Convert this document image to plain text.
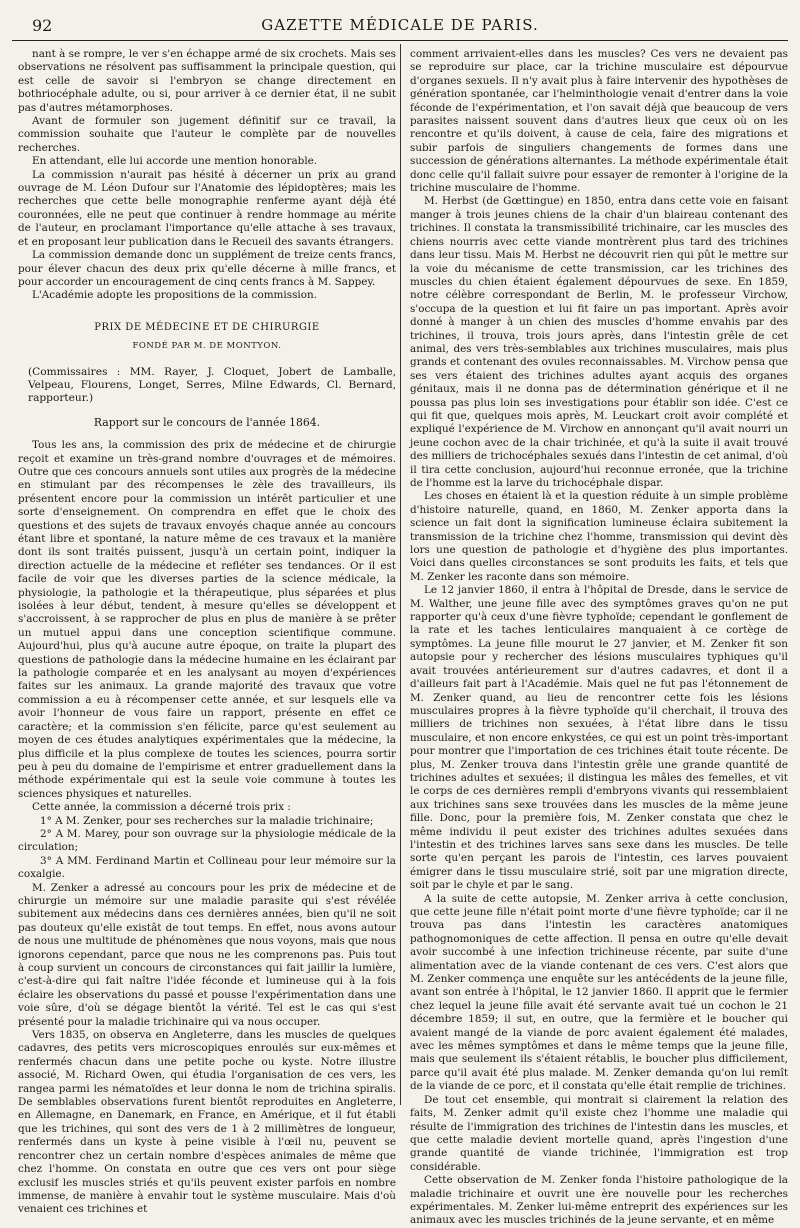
92	GAZETTE MÉDICALE DE PARIS.

nant à se rompre, le ver s'en échappe armé de six crochets. Mais ses observations ne résolvent pas suffisamment la principale question, qui est celle de savoir si l'embryon se change directement en bothriocéphale adulte, ou si, pour arriver à ce dernier état, il ne subit pas d'autres métamorphoses.

Avant de formuler son jugement définitif sur ce travail, la commission souhaite que l'auteur le complète par de nouvelles recherches.

En attendant, elle lui accorde une mention honorable.

La commission n'aurait pas hésité à décerner un prix au grand ouvrage de M. Léon Dufour sur l'Anatomie des lépidoptères; mais les recherches que cette belle monographie renferme ayant déjà été couronnées, elle ne peut que continuer à rendre hommage au mérite de l'auteur, en proclamant l'importance qu'elle attache à ses travaux, et en proposant leur publication dans le Recueil des savants étrangers.

La commission demande donc un supplément de treize cents francs, pour élever chacun des deux prix qu'elle décerne à mille francs, et pour accorder un encouragement de cinq cents francs à M. Sappey.

L'Académie adopte les propositions de la commission.

PRIX DE MÉDECINE ET DE CHIRURGIE
FONDÉ PAR M. DE MONTYON.

(Commissaires : MM. Rayer, J. Cloquet, Jobert de Lamballe, Velpeau, Flourens, Longet, Serres, Milne Edwards, Cl. Bernard, rapporteur.)

Rapport sur le concours de l'année 1864.

Tous les ans, la commission des prix de médecine et de chirurgie reçoit et examine un très-grand nombre d'ouvrages et de mémoires. Outre que ces concours annuels sont utiles aux progrès de la médecine en stimulant par des récompenses le zèle des travailleurs, ils présentent encore pour la commission un intérêt particulier et une sorte d'enseignement. On comprendra en effet que le choix des questions et des sujets de travaux envoyés chaque année au concours étant libre et spontané, la nature même de ces travaux et la manière dont ils sont traités puissent, jusqu'à un certain point, indiquer la direction actuelle de la médecine et refléter ses tendances. Or il est facile de voir que les diverses parties de la science médicale, la physiologie, la pathologie et la thérapeutique, plus séparées et plus isolées à leur début, tendent, à mesure qu'elles se développent et s'accroissent, à se rapprocher de plus en plus de manière à se prêter un mutuel appui dans une conception scientifique commune. Aujourd'hui, plus qu'à aucune autre époque, on traite la plupart des questions de pathologie dans la médecine humaine en les éclairant par la pathologie comparée et en les analysant au moyen d'expériences faites sur les animaux. La grande majorité des travaux que votre commission a eu à récompenser cette année, et sur lesquels elle va avoir l'honneur de vous faire un rapport, présente en effet ce caractère; et la commission s'en félicite, parce qu'est seulement au moyen de ces études analytiques expérimentales que la médecine, la plus difficile et la plus complexe de toutes les sciences, pourra sortir peu à peu du domaine de l'empirisme et entrer graduellement dans la méthode expérimentale qui est la seule voie commune à toutes les sciences physiques et naturelles.

Cette année, la commission a décerné trois prix :

1° A M. Zenker, pour ses recherches sur la maladie trichinaire;

2° A M. Marey, pour son ouvrage sur la physiologie médicale de la circulation;

3° A MM. Ferdinand Martin et Collineau pour leur mémoire sur la coxalgie.

M. Zenker a adressé au concours pour les prix de médecine et de chirurgie un mémoire sur une maladie parasite qui s'est révélée subitement aux médecins dans ces dernières années, bien qu'il ne soit pas douteux qu'elle existât de tout temps. En effet, nous avons autour de nous une multitude de phénomènes que nous voyons, mais que nous ignorons cependant, parce que nous ne les comprenons pas. Puis tout à coup survient un concours de circonstances qui fait jaillir la lumière, c'est-à-dire qui fait naître l'idée féconde et lumineuse qui à la fois éclaire les observations du passé et pousse l'expérimentation dans une voie sûre, d'où se dégage bientôt la vérité. Tel est le cas qui s'est présenté pour la maladie trichinaire qui va nous occuper.

Vers 1835, on observa en Angleterre, dans les muscles de quelques cadavres, des petits vers microscopiques enroulés sur eux-mêmes et renfermés chacun dans une petite poche ou kyste. Notre illustre associé, M. Richard Owen, qui étudia l'organisation de ces vers, les rangea parmi les nématoïdes et leur donna le nom de trichina spiralis. De semblables observations furent bientôt reproduites en Angleterre, en Allemagne, en Danemark, en France, en Amérique, et il fut établi que les trichines, qui sont des vers de 1 à 2 millimètres de longueur, renfermés dans un kyste à peine visible à l'œil nu, peuvent se rencontrer chez un certain nombre d'espèces animales de même que chez l'homme. On constata en outre que ces vers ont pour siège exclusif les muscles striés et qu'ils peuvent exister parfois en nombre immense, de manière à envahir tout le système musculaire. Mais d'où venaient ces trichines et

comment arrivaient-elles dans les muscles? Ces vers ne devaient pas se reproduire sur place, car la trichine musculaire est dépourvue d'organes sexuels. Il n'y avait plus à faire intervenir des hypothèses de génération spontanée, car l'helminthologie venait d'entrer dans la voie féconde de l'expérimentation, et l'on savait déjà que beaucoup de vers parasites naissent souvent dans d'autres lieux que ceux où on les rencontre et qu'ils doivent, à cause de cela, faire des migrations et subir parfois de singuliers changements de formes dans une succession de générations alternantes. La méthode expérimentale était donc celle qu'il fallait suivre pour essayer de remonter à l'origine de la trichine musculaire de l'homme.

M. Herbst (de Gœttingue) en 1850, entra dans cette voie en faisant manger à trois jeunes chiens de la chair d'un blaireau contenant des trichines. Il constata la transmissibilité trichinaire, car les muscles des chiens nourris avec cette viande montrèrent plus tard des trichines dans leur tissu. Mais M. Herbst ne découvrit rien qui pût le mettre sur la voie du mécanisme de cette transmission, car les trichines des muscles du chien étaient également dépourvues de sexe. En 1859, notre célèbre correspondant de Berlin, M. le professeur Virchow, s'occupa de la question et lui fit faire un pas important. Après avoir donné à manger à un chien des muscles d'homme envahis par des trichines, il trouva, trois jours après, dans l'intestin grêle de cet animal, des vers très-semblables aux trichines musculaires, mais plus grands et contenant des ovules reconnaissables. M. Virchow pensa que ses vers étaient des trichines adultes ayant acquis des organes génitaux, mais il ne donna pas de détermination générique et il ne poussa pas plus loin ses investigations pour établir son idée. C'est ce qui fit que, quelques mois après, M. Leuckart croit avoir complété et expliqué l'expérience de M. Virchow en annonçant qu'il avait nourri un jeune cochon avec de la chair trichinée, et qu'à la suite il avait trouvé des milliers de trichocéphales sexués dans l'intestin de cet animal, d'où il tira cette conclusion, aujourd'hui reconnue erronée, que la trichine de l'homme est la larve du trichocéphale dispar.

Les choses en étaient là et la question réduite à un simple problème d'histoire naturelle, quand, en 1860, M. Zenker apporta dans la science un fait dont la signification lumineuse éclaira subitement la transmission de la trichine chez l'homme, transmission qui devint dès lors une question de pathologie et d'hygiène des plus importantes. Voici dans quelles circonstances se sont produits les faits, et tels que M. Zenker les raconte dans son mémoire.

Le 12 janvier 1860, il entra à l'hôpital de Dresde, dans le service de M. Walther, une jeune fille avec des symptômes graves qu'on ne put rapporter qu'à ceux d'une fièvre typhoïde; cependant le gonflement de la rate et les taches lenticulaires manquaient à ce cortège de symptômes. La jeune fille mourut le 27 janvier, et M. Zenker fit son autopsie pour y rechercher des lésions musculaires typhiques qu'il avait trouvées antérieurement sur d'autres cadavres, et dont il a d'ailleurs fait part à l'Académie. Mais quel ne fut pas l'étonnement de M. Zenker quand, au lieu de rencontrer cette fois les lésions musculaires propres à la fièvre typhoïde qu'il cherchait, il trouva des milliers de trichines non sexuées, à l'état libre dans le tissu musculaire, et non encore enkystées, ce qui est un point très-important pour montrer que l'importation de ces trichines était toute récente. De plus, M. Zenker trouva dans l'intestin grêle une grande quantité de trichines adultes et sexuées; il distingua les mâles des femelles, et vit le corps de ces dernières rempli d'embryons vivants qui ressemblaient aux trichines sans sexe trouvées dans les muscles de la même jeune fille. Donc, pour la première fois, M. Zenker constata que chez le même individu il peut exister des trichines adultes sexuées dans l'intestin et des trichines larves sans sexe dans les muscles. De telle sorte qu'en perçant les parois de l'intestin, ces larves pouvaient émigrer dans le tissu musculaire strié, soit par une migration directe, soit par le chyle et par le sang.

A la suite de cette autopsie, M. Zenker arriva à cette conclusion, que cette jeune fille n'était point morte d'une fièvre typhoïde; car il ne trouva pas dans l'intestin les caractères anatomiques pathognomoniques de cette affection. Il pensa en outre qu'elle devait avoir succombé à une infection trichineuse récente, par suite d'une alimentation avec de la viande contenant de ces vers. C'est alors que M. Zenker commença une enquête sur les antécédents de la jeune fille, avant son entrée à l'hôpital, le 12 janvier 1860. Il apprit que le fermier chez lequel la jeune fille avait été servante avait tué un cochon le 21 décembre 1859; il sut, en outre, que la fermière et le boucher qui avaient mangé de la viande de porc avaient également été malades, avec les mêmes symptômes et dans le même temps que la jeune fille, mais que seulement ils s'étaient rétablis, le boucher plus difficilement, parce qu'il avait été plus malade. M. Zenker demanda qu'on lui remît de la viande de ce porc, et il constata qu'elle était remplie de trichines.

De tout cet ensemble, qui montrait si clairement la relation des faits, M. Zenker admit qu'il existe chez l'homme une maladie qui résulte de l'immigration des trichines de l'intestin dans les muscles, et que cette maladie devient mortelle quand, après l'ingestion d'une grande quantité de viande trichinée, l'immigration est trop considérable.

Cette observation de M. Zenker fonda l'histoire pathologique de la maladie trichinaire et ouvrit une ère nouvelle pour les recherches expérimentales. M. Zenker lui-même entreprit des expériences sur les animaux avec les muscles trichinés de la jeune servante, et en même
